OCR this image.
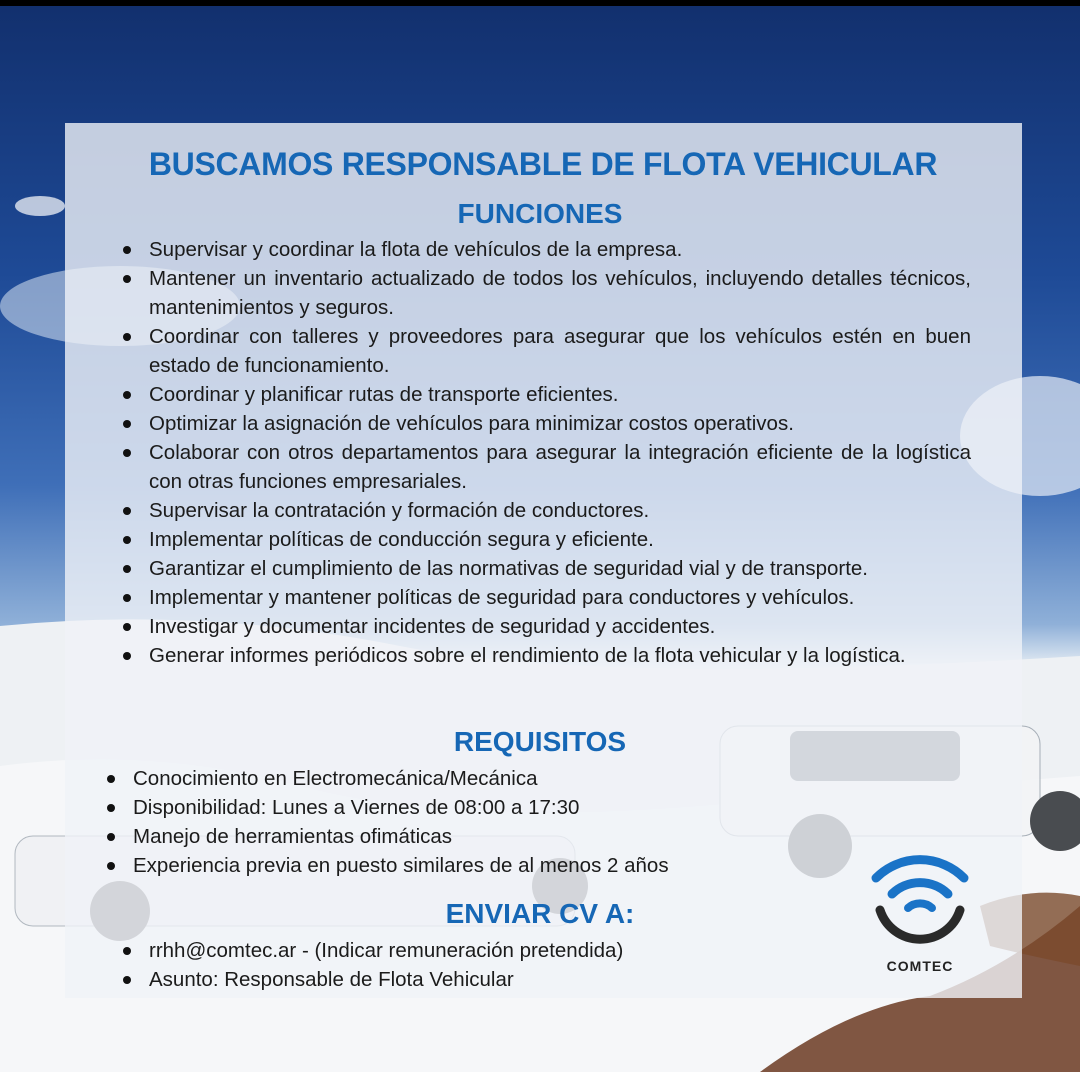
BUSCAMOS RESPONSABLE DE FLOTA VEHICULAR
FUNCIONES
Supervisar y coordinar la flota de vehículos de la empresa.
Mantener un inventario actualizado de todos los vehículos, incluyendo detalles técnicos, mantenimientos y seguros.
Coordinar con talleres y proveedores para asegurar que los vehículos estén en buen estado de funcionamiento.
Coordinar y planificar rutas de transporte eficientes.
Optimizar la asignación de vehículos para minimizar costos operativos.
Colaborar con otros departamentos para asegurar la integración eficiente de la logística con otras funciones empresariales.
Supervisar la contratación y formación de conductores.
Implementar políticas de conducción segura y eficiente.
Garantizar el cumplimiento de las normativas de seguridad vial y de transporte.
Implementar y mantener políticas de seguridad para conductores y vehículos.
Investigar y documentar incidentes de seguridad y accidentes.
Generar informes periódicos sobre el rendimiento de la flota vehicular y la logística.
REQUISITOS
Conocimiento en Electromecánica/Mecánica
Disponibilidad: Lunes a Viernes de 08:00 a 17:30
Manejo de herramientas ofimáticas
Experiencia previa en puesto similares de al menos 2 años
ENVIAR CV A:
rrhh@comtec.ar - (Indicar remuneración pretendida)
Asunto: Responsable de Flota Vehicular
COMTEC
